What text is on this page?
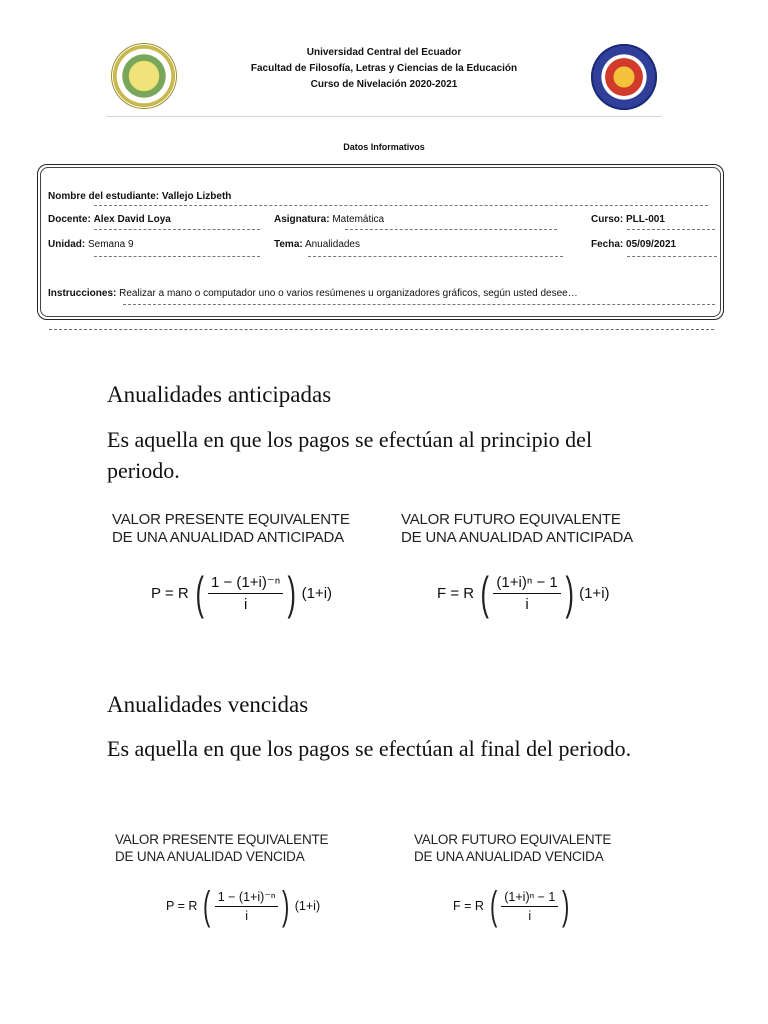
Universidad Central del Ecuador
Facultad de Filosofía, Letras y Ciencias de la Educación
Curso de Nivelación 2020-2021
Datos Informativos
Nombre del estudiante: Vallejo Lizbeth
Docente: Alex David Loya	Asignatura: Matemática	Curso: PLL-001
Unidad: Semana 9	Tema: Anualidades	Fecha: 05/09/2021
Instrucciones: Realizar a mano o computador uno o varios resúmenes u organizadores gráficos, según usted desee…
Anualidades anticipadas
Es aquella en que los pagos se efectúan al principio del periodo.
VALOR PRESENTE EQUIVALENTE
DE UNA ANUALIDAD ANTICIPADA
P = R ( $\frac{\text{1 − (1+i)⁻ⁿ}}{i}$ ) (1+i)
VALOR FUTURO EQUIVALENTE
DE UNA ANUALIDAD ANTICIPADA
F = R ( $\frac{\text{(1+i)ⁿ − 1}}{i}$ ) (1+i)
Anualidades vencidas
Es aquella en que los pagos se efectúan al final del periodo.
VALOR PRESENTE EQUIVALENTE
DE UNA ANUALIDAD VENCIDA
P = R ( $\frac{\text{1 − (1+i)⁻ⁿ}}{i}$ ) (1+i)
VALOR FUTURO EQUIVALENTE
DE UNA ANUALIDAD VENCIDA
F = R ( $\frac{\text{(1+i)ⁿ − 1}}{i}$ )
